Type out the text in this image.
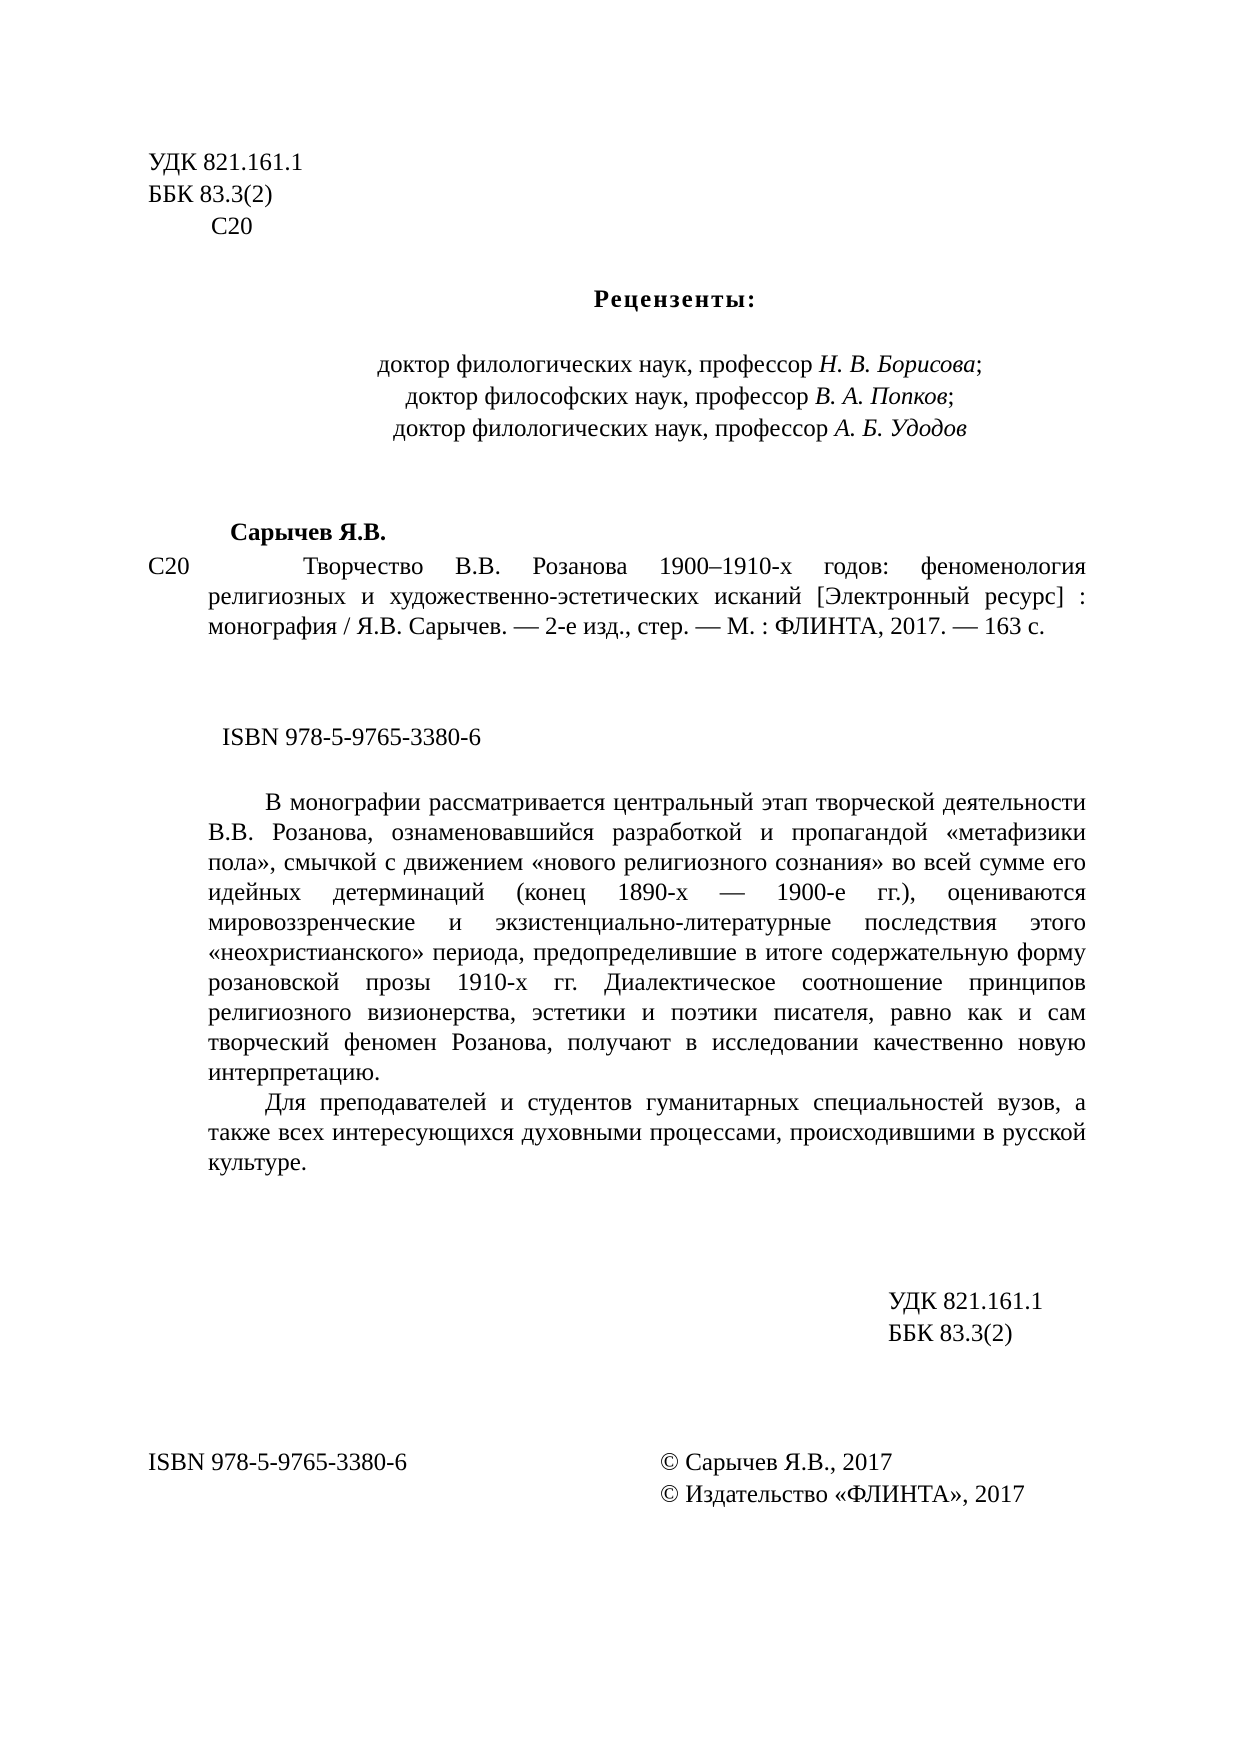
УДК 821.161.1
ББК 83.3(2)
С20
Рецензенты:
доктор филологических наук, профессор Н. В. Борисова;
доктор философских наук, профессор В. А. Попков;
доктор филологических наук, профессор А. Б. Удодов
Сарычев Я.В.
С20	Творчество В.В. Розанова 1900–1910-х годов: феноменология религиозных и художественно-эстетических исканий [Электронный ресурс] : монография / Я.В. Сарычев. — 2-е изд., стер. — М. : ФЛИНТА, 2017. — 163 с.
ISBN 978-5-9765-3380-6

В монографии рассматривается центральный этап творческой деятельности В.В. Розанова, ознаменовавшийся разработкой и пропагандой «метафизики пола», смычкой с движением «нового религиозного сознания» во всей сумме его идейных детерминаций (конец 1890-х — 1900-е гг.), оцениваются мировоззренческие и экзистенциально-литературные последствия этого «неохристианского» периода, предопределившие в итоге содержательную форму розановской прозы 1910-х гг. Диалектическое соотношение принципов религиозного визионерства, эстетики и поэтики писателя, равно как и сам творческий феномен Розанова, получают в исследовании качественно новую интерпретацию.

Для преподавателей и студентов гуманитарных специальностей вузов, а также всех интересующихся духовными процессами, происходившими в русской культуре.

УДК 821.161.1
ББК 83.3(2)
ISBN 978-5-9765-3380-6	© Сарычев Я.В., 2017
© Издательство «ФЛИНТА», 2017
